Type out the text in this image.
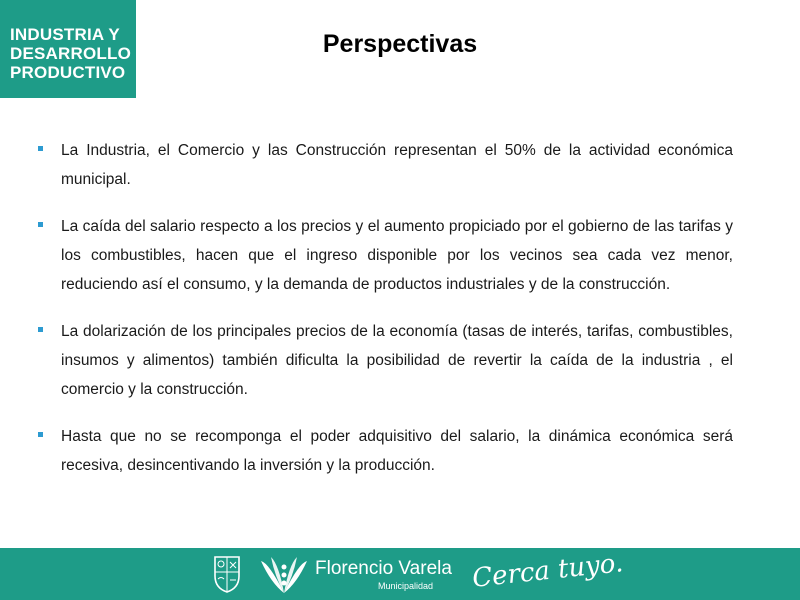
INDUSTRIA Y
DESARROLLO
PRODUCTIVO
Perspectivas
La Industria, el Comercio y las Construcción representan el 50% de la actividad económica municipal.
La caída del salario respecto a los precios y el aumento propiciado por el gobierno de las tarifas y los combustibles, hacen que el ingreso disponible por los vecinos sea cada vez menor, reduciendo así el consumo, y la demanda de productos industriales y de la construcción.
La dolarización de los principales precios de la economía (tasas de interés, tarifas, combustibles, insumos y alimentos) también dificulta la posibilidad de revertir la caída de la industria , el comercio y la construcción.
Hasta que no se recomponga el poder adquisitivo del salario, la dinámica económica será recesiva, desincentivando la inversión y la producción.
Florencio Varela
Municipalidad Cerca tuyo.
